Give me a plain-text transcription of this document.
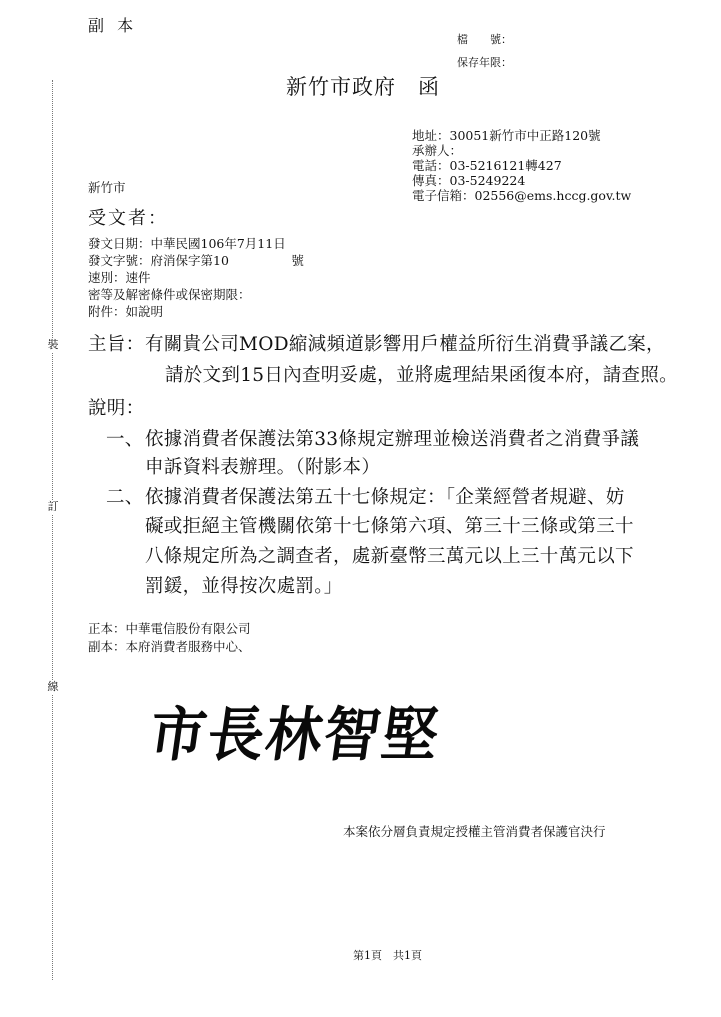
副 本
檔　　號：
保存年限：
新竹市政府　函
地址：30051新竹市中正路120號
承辦人：
電話：03-5216121轉427
傳真：03-5249224
電子信箱：02556@ems.hccg.gov.tw
新竹市
受文者：
發文日期：中華民國106年7月11日
發文字號：府消保字第10　　　　　號
速別：速件
密等及解密條件或保密期限：
附件：如說明
裝
訂
線
主旨： 有關貴公司MOD縮減頻道影響用戶權益所衍生消費爭議乙案，
請於文到15日內查明妥處，並將處理結果函復本府，請查照。
說明：
一、 依據消費者保護法第33條規定辦理並檢送消費者之消費爭議
申訴資料表辦理。（附影本）
二、 依據消費者保護法第五十七條規定：「企業經營者規避、妨
礙或拒絕主管機關依第十七條第六項、第三十三條或第三十
八條規定所為之調查者，處新臺幣三萬元以上三十萬元以下
罰鍰，並得按次處罰。」
正本：中華電信股份有限公司
副本：本府消費者服務中心、
市長林智堅
本案依分層負責規定授權主管消費者保護官決行
第1頁　共1頁
